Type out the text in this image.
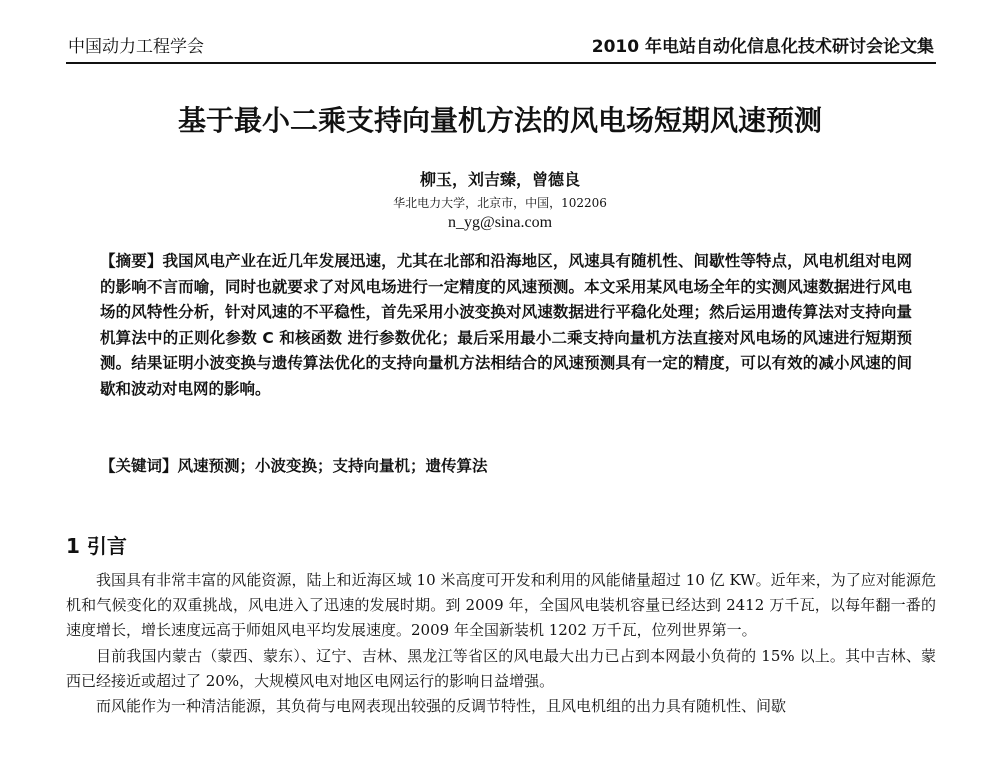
中国动力工程学会	2010 年电站自动化信息化技术研讨会论文集
基于最小二乘支持向量机方法的风电场短期风速预测
柳玉，刘吉臻，曾德良
华北电力大学，北京市，中国，102206
n_yg@sina.com

【摘要】我国风电产业在近几年发展迅速，尤其在北部和沿海地区，风速具有随机性、间歇性等特点，风电机组对电网的影响不言而喻，同时也就要求了对风电场进行一定精度的风速预测。本文采用某风电场全年的实测风速数据进行风电场的风特性分析，针对风速的不平稳性，首先采用小波变换对风速数据进行平稳化处理；然后运用遗传算法对支持向量机算法中的正则化参数 C 和核函数 进行参数优化；最后采用最小二乘支持向量机方法直接对风电场的风速进行短期预测。结果证明小波变换与遗传算法优化的支持向量机方法相结合的风速预测具有一定的精度，可以有效的减小风速的间歇和波动对电网的影响。

【关键词】风速预测；小波变换；支持向量机；遗传算法

1 引言

我国具有非常丰富的风能资源，陆上和近海区域 10 米高度可开发和利用的风能储量超过 10 亿 KW。近年来，为了应对能源危机和气候变化的双重挑战，风电进入了迅速的发展时期。到 2009 年，全国风电装机容量已经达到 2412 万千瓦，以每年翻一番的速度增长，增长速度远高于师姐风电平均发展速度。2009 年全国新装机 1202 万千瓦，位列世界第一。

目前我国内蒙古（蒙西、蒙东）、辽宁、吉林、黑龙江等省区的风电最大出力已占到本网最小负荷的 15% 以上。其中吉林、蒙西已经接近或超过了 20%，大规模风电对地区电网运行的影响日益增强。

而风能作为一种清洁能源，其负荷与电网表现出较强的反调节特性，且风电机组的出力具有随机性、间歇
